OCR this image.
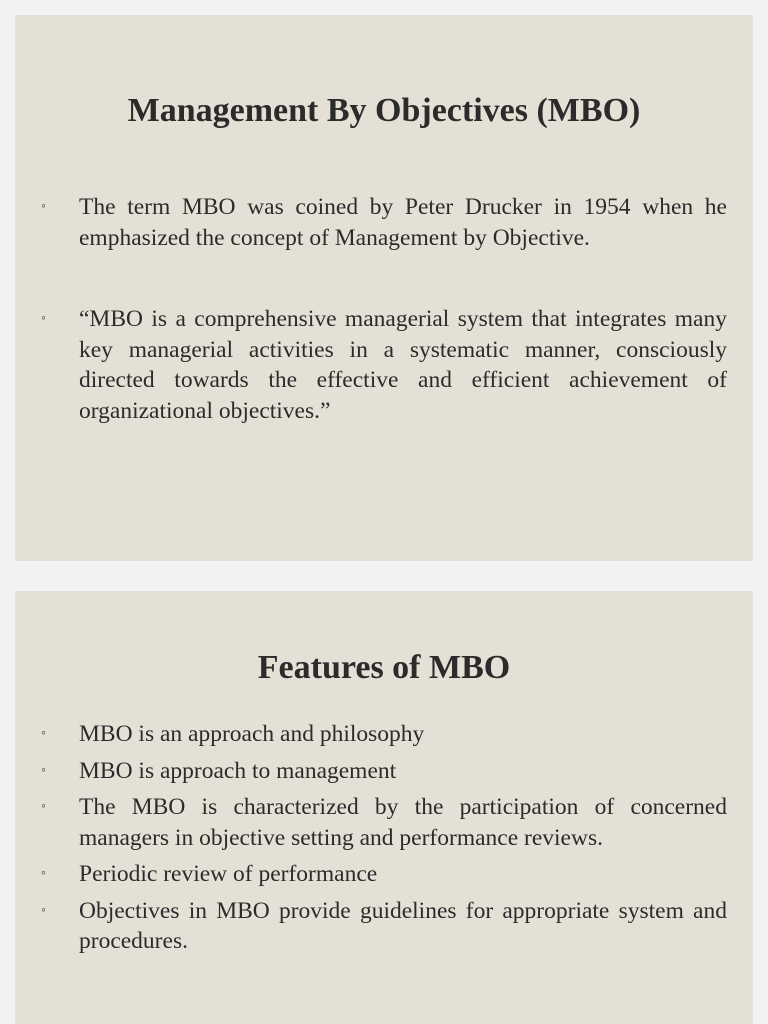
Management By Objectives (MBO)
◦ The term MBO was coined by Peter Drucker in 1954 when he emphasized the concept of Management by Objective.
◦ “MBO is a comprehensive managerial system that integrates many key managerial activities in a systematic manner, consciously directed towards the effective and efficient achievement of organizational objectives.”
Features of MBO
◦ MBO is an approach and philosophy
◦ MBO is approach to management
◦ The MBO is characterized by the participation of concerned managers in objective setting and performance reviews.
◦ Periodic review of performance
◦ Objectives in MBO provide guidelines for appropriate system and procedures.
